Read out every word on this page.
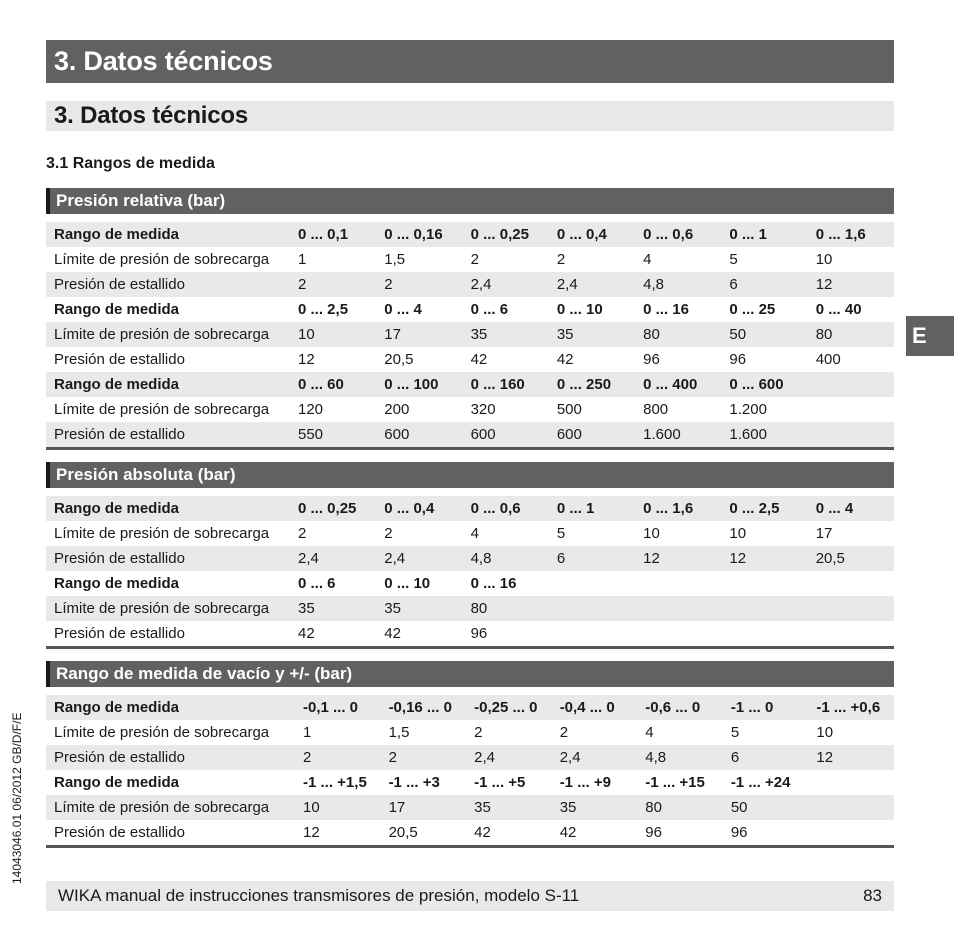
3. Datos técnicos
3. Datos técnicos
3.1 Rangos de medida
Presión relativa (bar)
Rango de medida	0 ... 0,1	0 ... 0,16	0 ... 0,25	0 ... 0,4	0 ... 0,6	0 ... 1	0 ... 1,6
Límite de presión de sobrecarga	1	1,5	2	2	4	5	10
Presión de estallido	2	2	2,4	2,4	4,8	6	12
Rango de medida	0 ... 2,5	0 ... 4	0 ... 6	0 ... 10	0 ... 16	0 ... 25	0 ... 40
Límite de presión de sobrecarga	10	17	35	35	80	50	80
Presión de estallido	12	20,5	42	42	96	96	400
Rango de medida	0 ... 60	0 ... 100	0 ... 160	0 ... 250	0 ... 400	0 ... 600	
Límite de presión de sobrecarga	120	200	320	500	800	1.200	
Presión de estallido	550	600	600	600	1.600	1.600	
Presión absoluta (bar)
Rango de medida	0 ... 0,25	0 ... 0,4	0 ... 0,6	0 ... 1	0 ... 1,6	0 ... 2,5	0 ... 4
Límite de presión de sobrecarga	2	2	4	5	10	10	17
Presión de estallido	2,4	2,4	4,8	6	12	12	20,5
Rango de medida	0 ... 6	0 ... 10	0 ... 16				
Límite de presión de sobrecarga	35	35	80				
Presión de estallido	42	42	96				
Rango de medida de vacío y +/- (bar)
Rango de medida	-0,1 ... 0	-0,16 ... 0	-0,25 ... 0	-0,4 ... 0	-0,6 ... 0	-1 ... 0	-1 ... +0,6
Límite de presión de sobrecarga	1	1,5	2	2	4	5	10
Presión de estallido	2	2	2,4	2,4	4,8	6	12
Rango de medida	-1 ... +1,5	-1 ... +3	-1 ... +5	-1 ... +9	-1 ... +15	-1 ... +24	
Límite de presión de sobrecarga	10	17	35	35	80	50	
Presión de estallido	12	20,5	42	42	96	96	
E
14043046.01 06/2012 GB/D/F/E
WIKA manual de instrucciones transmisores de presión, modelo S-11	83
